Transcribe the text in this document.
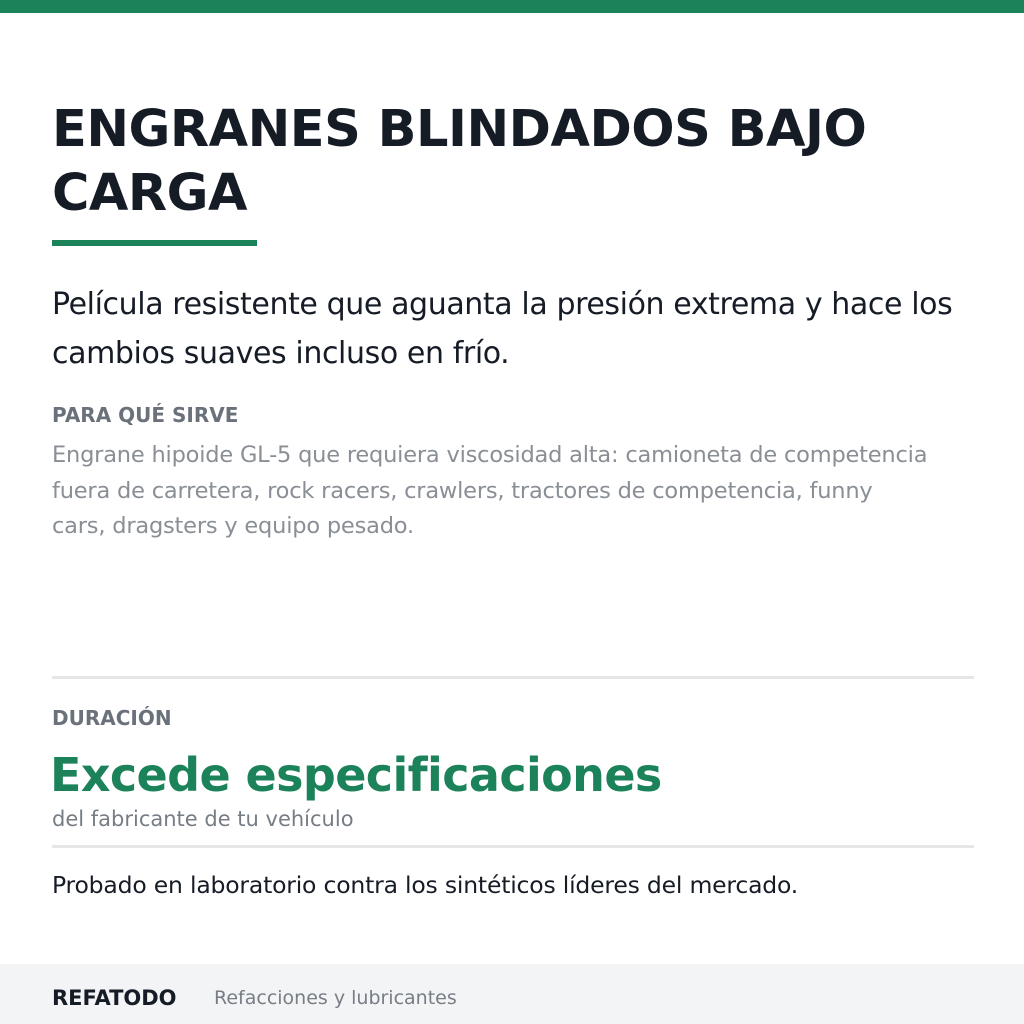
ENGRANES BLINDADOS BAJO CARGA

Película resistente que aguanta la presión extrema y hace los cambios suaves incluso en frío.

PARA QUÉ SIRVE

Engrane hipoide GL-5 que requiera viscosidad alta: camioneta de competencia fuera de carretera, rock racers, crawlers, tractores de competencia, funny cars, dragsters y equipo pesado.

DURACIÓN
Excede especificaciones
del fabricante de tu vehículo

Probado en laboratorio contra los sintéticos líderes del mercado.

REFATODO Refacciones y lubricantes
